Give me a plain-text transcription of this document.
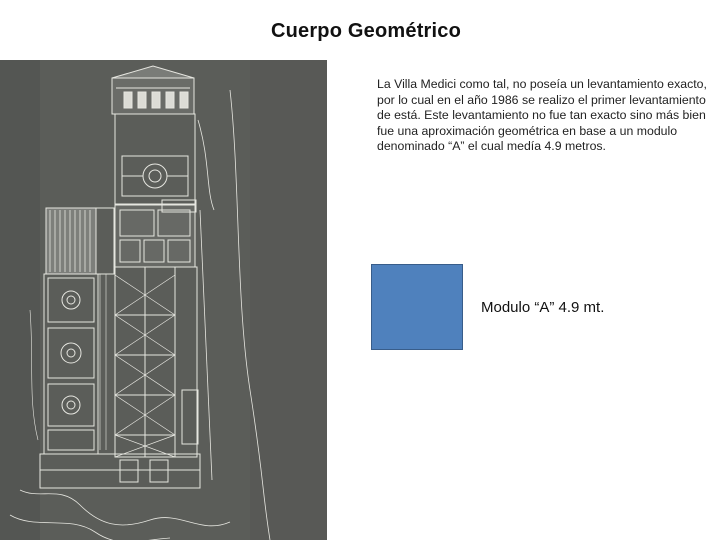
Cuerpo Geométrico
La Villa Medici como tal, no poseía un levantamiento exacto, por lo cual en el año 1986 se realizo el primer levantamiento de está. Este levantamiento no fue tan exacto sino más bien fue una aproximación geométrica en base a un modulo denominado “A” el cual medía 4.9 metros.
Modulo “A” 4.9 mt.
